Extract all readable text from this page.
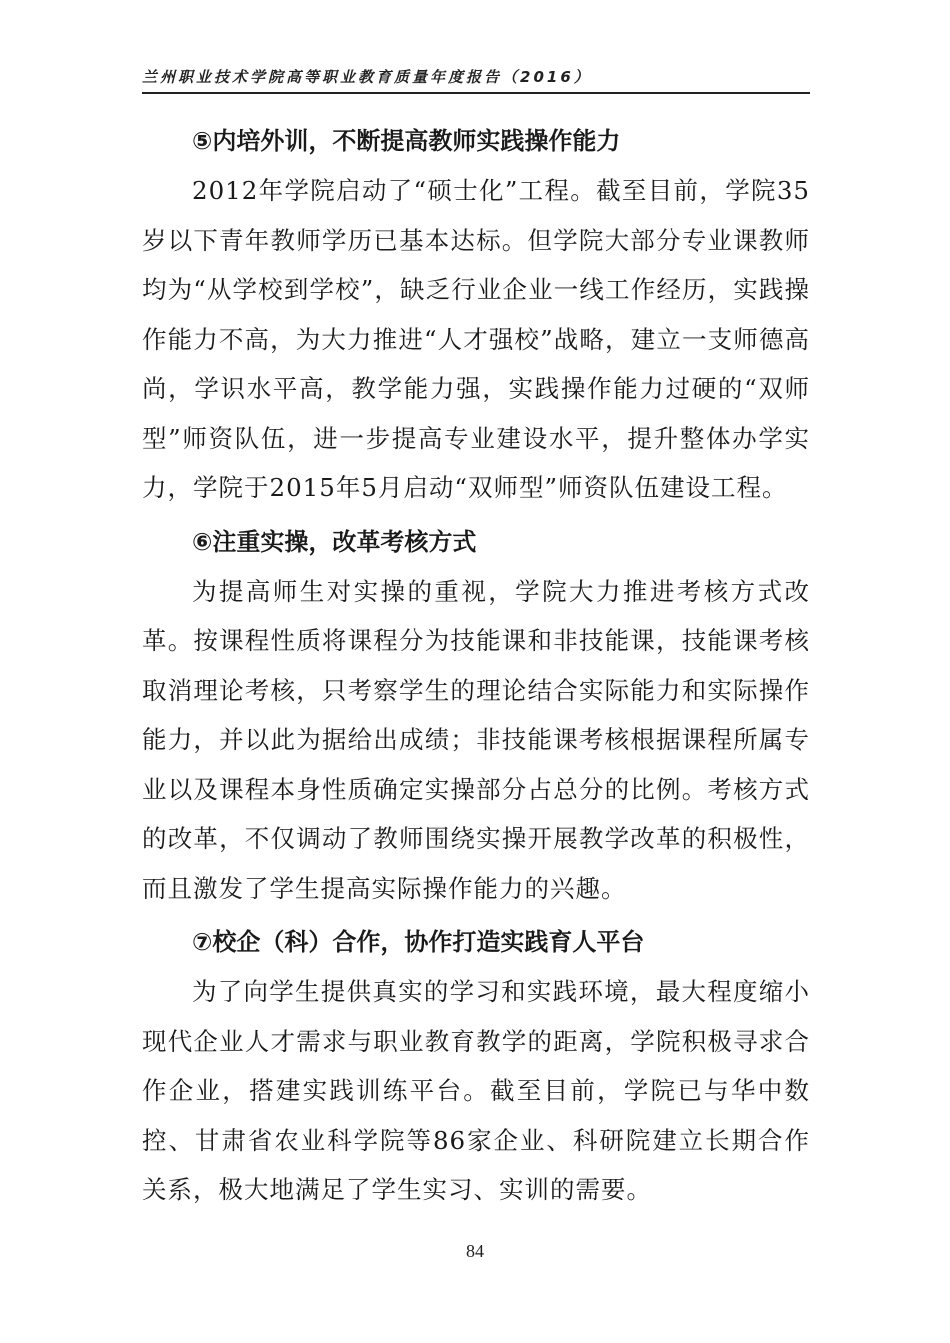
兰州职业技术学院高等职业教育质量年度报告（2016）
⑤内培外训，不断提高教师实践操作能力

2012年学院启动了“硕士化”工程。截至目前，学院35岁以下青年教师学历已基本达标。但学院大部分专业课教师均为“从学校到学校”，缺乏行业企业一线工作经历，实践操作能力不高，为大力推进“人才强校”战略，建立一支师德高尚，学识水平高，教学能力强，实践操作能力过硬的“双师型”师资队伍，进一步提高专业建设水平，提升整体办学实力，学院于2015年5月启动“双师型”师资队伍建设工程。

⑥注重实操，改革考核方式

为提高师生对实操的重视，学院大力推进考核方式改革。按课程性质将课程分为技能课和非技能课，技能课考核取消理论考核，只考察学生的理论结合实际能力和实际操作能力，并以此为据给出成绩；非技能课考核根据课程所属专业以及课程本身性质确定实操部分占总分的比例。考核方式的改革，不仅调动了教师围绕实操开展教学改革的积极性，而且激发了学生提高实际操作能力的兴趣。

⑦校企（科）合作，协作打造实践育人平台

为了向学生提供真实的学习和实践环境，最大程度缩小现代企业人才需求与职业教育教学的距离，学院积极寻求合作企业，搭建实践训练平台。截至目前，学院已与华中数控、甘肃省农业科学院等86家企业、科研院建立长期合作关系，极大地满足了学生实习、实训的需要。

84
